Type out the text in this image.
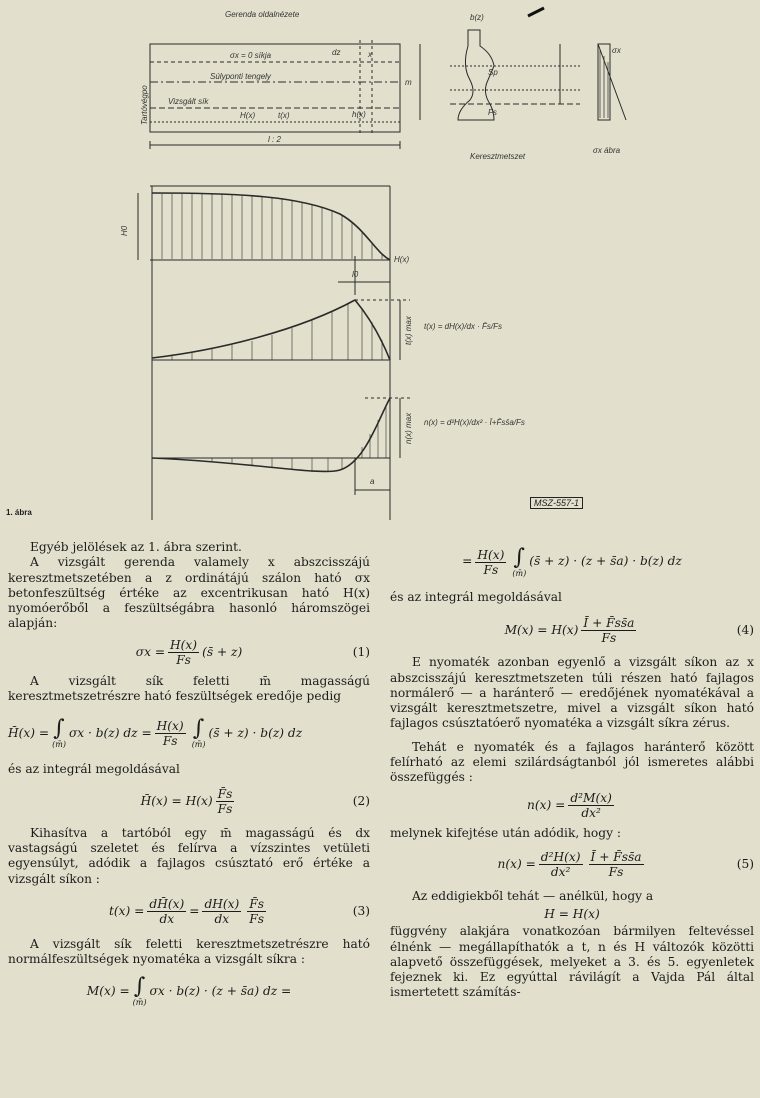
Gerenda oldalnézete
σx = 0 síkja
Súlyponti tengely
Vizsgált sík
Tartóvégpo
dz	x
l : 2
H(x)	t(x)	h(x)
b(z)
m
Sp
Fs
σx
Keresztmetszet
σx ábra
H0
H(x)
l0
t(x) = dH(x)/dx · F̄s/Fs
t(x) max
n(x) = d²H(x)/dx² · Ī+F̄ss̄a/Fs
n(x) max
a
1. ábra
MSZ-557-1

Egyéb jelölések az 1. ábra szerint.

A vizsgált gerenda valamely x abszcisszájú keresztmetszetében a z ordinátájú szálon ható σx betonfeszültség értéke az excentrikusan ható H(x) nyomóerőből a feszültségábra hasonló háromszögei alapján:

$\sigma x = \frac{H(x)}{Fs}$ (s̄ + z)	(1)

A vizsgált sík feletti m̄ magasságú keresztmetszetrészre ható feszültségek eredője pedig

H̄(x) = ∫
(m̄)
σx · b(z) dz = $\frac{H(x)}{Fs}$ ∫
(m̄)
(s̄ + z) · b(z) dz

és az integrál megoldásával

H̄(x) = $H(x) \frac{F̄s}{Fs}$	(2)

Kihasítva a tartóból egy m̄ magasságú és dx vastagságú szeletet és felírva a vízszintes vetületi egyensúlyt, adódik a fajlagos csúsztató erő értéke a vizsgált síkon :

$t(x) = \frac{dH̄(x)}{dx} = \frac{dH(x)}{dx} \frac{F̄s}{Fs}$	(3)

A vizsgált sík feletti keresztmetszetrészre ható normálfeszültségek nyomatéka a vizsgált síkra :

M(x) = ∫
(m̄)
σx · b(z) · (z + s̄a) dz =
= $\frac{H(x)}{Fs}$ ∫
(m̄)
(s̄ + z) · (z + s̄a) · b(z) dz

és az integrál megoldásával

$M(x) = H(x) \frac{Ī + F̄ss̄a}{Fs}$	(4)

E nyomaték azonban egyenlő a vizsgált síkon az x abszcisszájú keresztmetszeten túli részen ható fajlagos normálerő — a haránterő — eredőjének nyomatékával a vizsgált keresztmetszetre, mivel a vizsgált síkon ható fajlagos csúsztatóerő nyomatéka a vizsgált síkra zérus.

Tehát e nyomaték és a fajlagos haránterő között felírható az elemi szilárdságtanból jól ismeretes alábbi összefüggés :

$n(x) = \frac{\text{d²M(x)}}{\text{dx²}}$

melynek kifejtése után adódik, hogy :

$n(x) = \frac{\text{d²H(x)}}{\text{dx²}} \frac{Ī + F̄ss̄a}{Fs}$	(5)

Az eddigiekből tehát — anélkül, hogy a

H = H(x)

függvény alakjára vonatkozóan bármilyen feltevéssel élnénk — megállapíthatók a t, n és H változók közötti alapvető összefüggések, melyeket a 3. és 5. egyenletek fejeznek ki. Ez egyúttal rávilágít a Vajda Pál által ismertetett számítás-
